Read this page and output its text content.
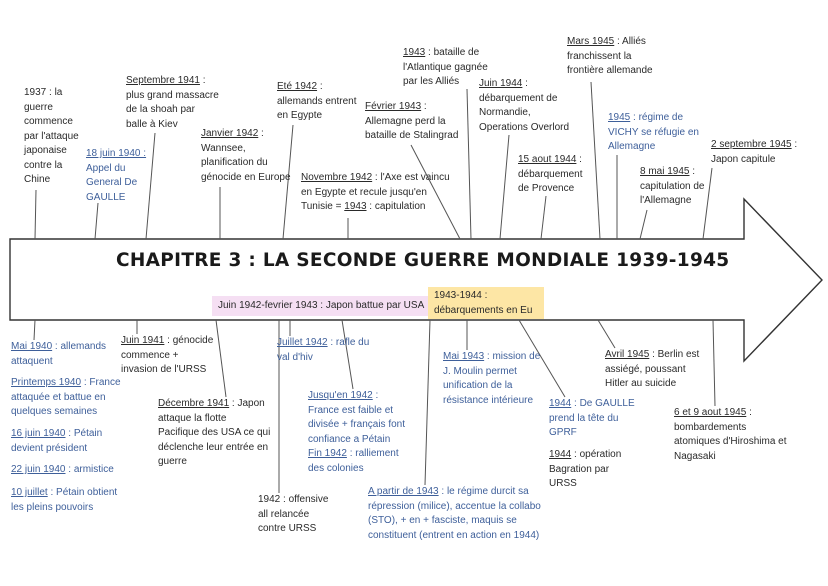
CHAPITRE 3 : LA SECONDE GUERRE MONDIALE 1939-1945
Juin 1942-fevrier 1943 : Japon battue par USA
1943-1944 :
débarquements en Eu
1937 : la
guerre
commence
par l'attaque
japonaise
contre la
Chine
18 juin 1940 :
Appel du
General De
GAULLE
Septembre 1941 :
plus grand massacre
de la shoah par
balle à Kiev
Janvier 1942 :
Wannsee,
planification du
génocide en Europe
Eté 1942 :
allemands entrent
en Egypte
Novembre 1942 : l'Axe est vaincu
en Egypte et recule jusqu'en
Tunisie = 1943 : capitulation
Février 1943 :
Allemagne perd la
bataille de Stalingrad
1943 : bataille de
l'Atlantique gagnée
par les Alliés	Juin 1944 :
débarquement de
Normandie,
Operations Overlord
15 aout 1944 :
débarquement
de Provence
Mars 1945 : Alliés
franchissent la
frontière allemande
1945 : régime de
VICHY se réfugie en
Allemagne
8 mai 1945 :
capitulation de
l'Allemagne
2 septembre 1945 :
Japon capitule
Mai 1940 : allemands
attaquent
Printemps 1940 : France
attaquée et battue en
quelques semaines
16 juin 1940 : Pétain
devient président
22 juin 1940 : armistice
10 juillet : Pétain obtient
les pleins pouvoirs
Juin 1941 : génocide
commence +
invasion de l'URSS
Décembre 1941 : Japon
attaque la flotte
Pacifique des USA ce qui
déclenche leur entrée en
guerre
1942 : offensive
all relancée
contre URSS
Juillet 1942 : rafle du
val d'hiv
Jusqu'en 1942 :
France est faible et
divisée + français font
confiance a Pétain
Fin 1942 : ralliement
des colonies
A partir de 1943 : le régime durcit sa
répression (milice), accentue la collabo
(STO), + en + fasciste, maquis se
constituent (entrent en action en 1944)
Mai 1943 : mission de
J. Moulin permet
unification de la
résistance intérieure	1944 : De GAULLE
prend la tête du
GPRF
1944 : opération
Bagration par
URSS
Avril 1945 : Berlin est
assiégé, poussant
Hitler au suicide
6 et 9 aout 1945 :
bombardements
atomiques d'Hiroshima et
Nagasaki
